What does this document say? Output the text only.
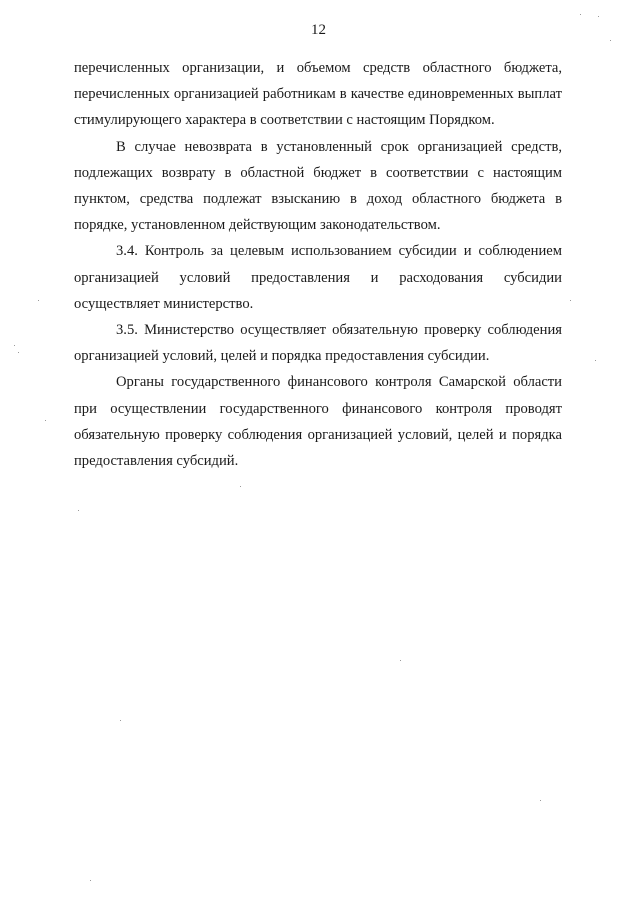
12

перечисленных организации, и объемом средств областного бюджета, перечисленных организацией работникам в качестве единовременных выплат стимулирующего характера в соответствии с настоящим Порядком.

В случае невозврата в установленный срок организацией средств, подлежащих возврату в областной бюджет в соответствии с настоящим пунктом, средства подлежат взысканию в доход областного бюджета в порядке, установленном действующим законодательством.

3.4. Контроль за целевым использованием субсидии и соблюдением организацией условий предоставления и расходования субсидии осуществляет министерство.

3.5. Министерство осуществляет обязательную проверку соблюдения организацией условий, целей и порядка предоставления субсидии.

Органы государственного финансового контроля Самарской области при осуществлении государственного финансового контроля проводят обязательную проверку соблюдения организацией условий, целей и порядка предоставления субсидий.
